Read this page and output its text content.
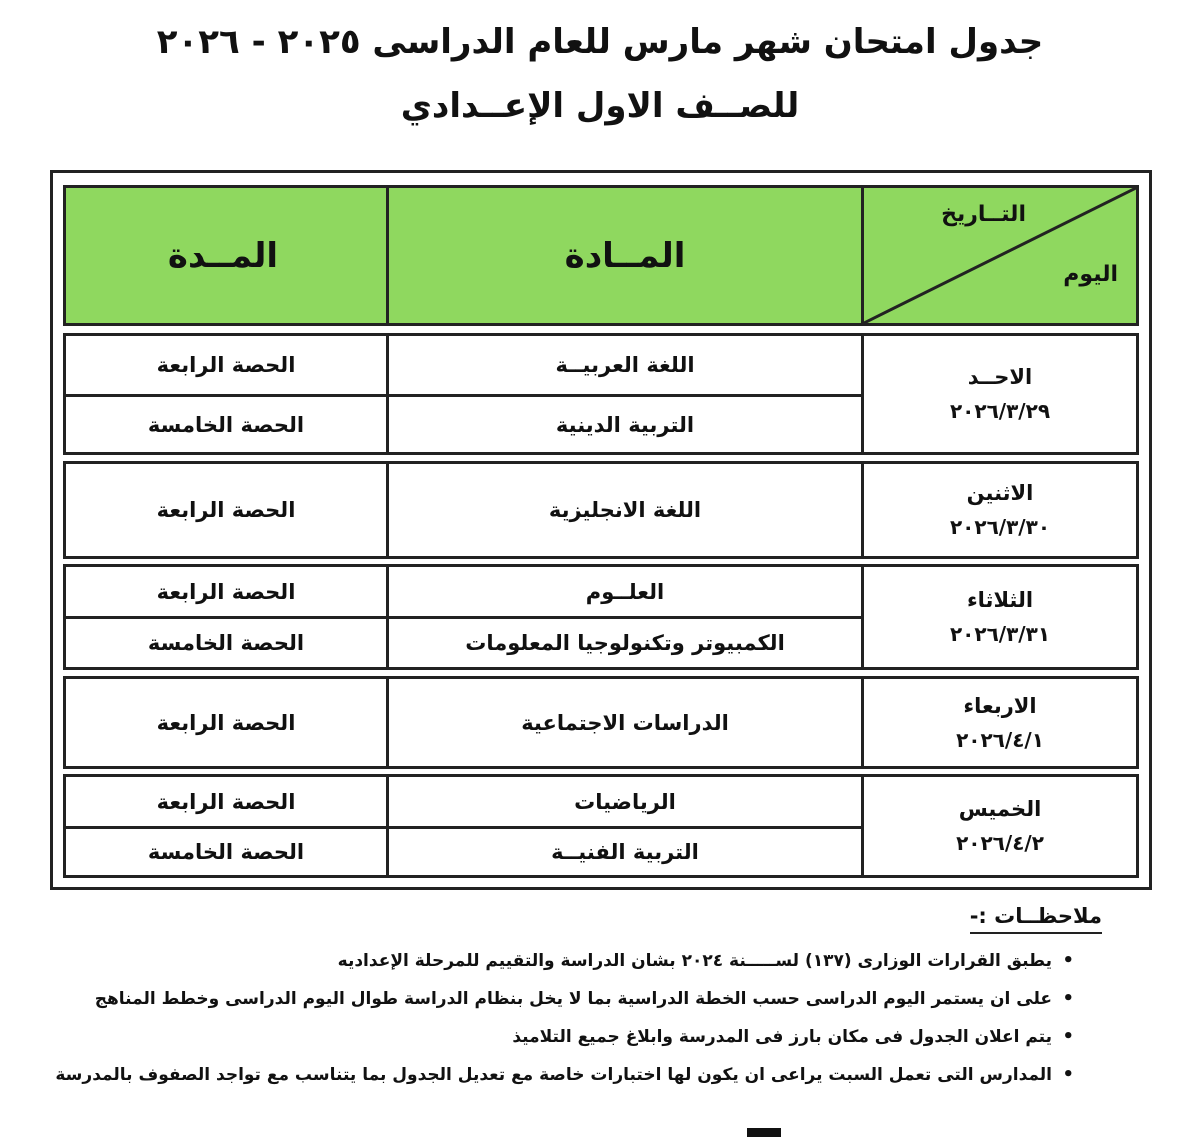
جدول امتحان شهر مارس للعام الدراسى ٢٠٢٥ - ٢٠٢٦
للصــف الاول الإعــدادي
التــاريخ
اليوم
المــادة
المــدة
الاحــد
٢٠٢٦/٣/٢٩
اللغة العربيــة
الحصة الرابعة
التربية الدينية
الحصة الخامسة
الاثنين
٢٠٢٦/٣/٣٠
اللغة الانجليزية
الحصة الرابعة
الثلاثاء
٢٠٢٦/٣/٣١
العلــوم
الحصة الرابعة
الكمبيوتر وتكنولوجيا المعلومات
الحصة الخامسة
الاربعاء
٢٠٢٦/٤/١
الدراسات الاجتماعية
الحصة الرابعة
الخميس
٢٠٢٦/٤/٢
الرياضيات
الحصة الرابعة
التربية الفنيــة
الحصة الخامسة
ملاحظــات :-
•
يطبق القرارات الوزارى (١٣٧) لســـــنة ٢٠٢٤ بشان الدراسة والتقييم للمرحلة الإعداديه
•
على ان يستمر اليوم الدراسى حسب الخطة الدراسية بما لا يخل بنظام الدراسة طوال اليوم الدراسى وخطط المناهج
•
يتم اعلان الجدول فى مكان بارز فى المدرسة وابلاغ جميع التلاميذ
•
المدارس التى تعمل السبت يراعى ان يكون لها اختبارات خاصة مع تعديل الجدول بما يتناسب مع تواجد الصفوف بالمدرسة
